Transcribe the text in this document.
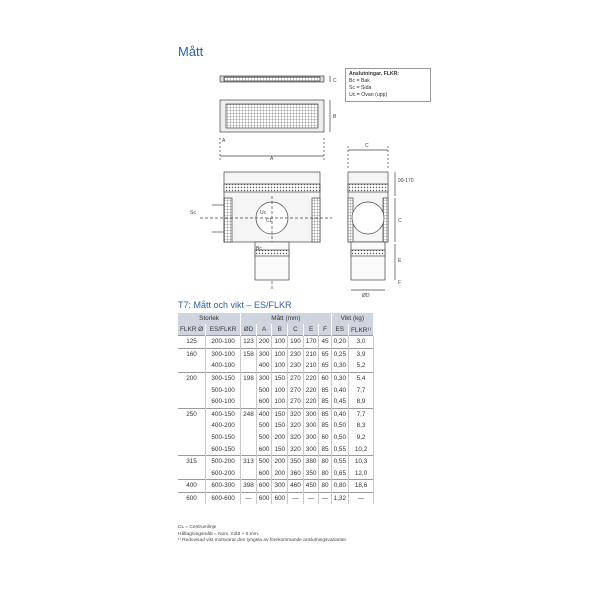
Mått
Anslutningar, FLKR:
Bc = Bak
Sc = Sida
Uc = Ovan (upp)
C
A
B
A
C
90-170
C
E
F
ØD
Sc	Uc
CL
Bc
T7: Mått och vikt – ES/FLKR
Storlek		Mått (mm)						Vikt (kg)	
FLKR Ø	ES/FLKR	ØD	A	B	C	E	F	ES	FLKR¹⁾
125	200-100	123	200	100	190	170	45	0,20	3,0
160	300-100	158	300	100	230	210	65	0,25	3,9
	400-100		400	100	230	210	65	0,30	5,2
200	300-150	198	300	150	270	220	60	0,30	5,4
	500-100		500	100	270	220	85	0,40	7,7
	600-100		600	100	270	220	85	0,45	8,9
250	400-150	248	400	150	320	300	85	0,40	7,7
	400-200		500	150	320	300	85	0,50	8,3
	500-150		500	200	320	300	60	0,50	9,2
	600-150		600	150	320	300	85	0,55	10,2
315	500-200	313	500	200	350	380	80	0,55	10,3
	600-200		600	200	360	350	80	0,65	12,0
400	600-300	398	600	300	460	450	80	0,80	18,6
600	600-600	—	600	600	—	—	—	1,32	—
CL = Centrumlinje
Håltagningsmått = Nom. mått + 5 mm.
¹⁾ Redovisad vikt motsvarar den tyngsta av förekommande anslutningsvarianter.
